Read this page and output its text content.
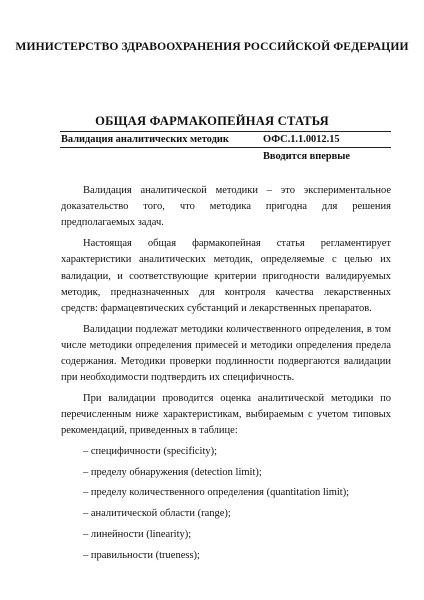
МИНИСТЕРСТВО ЗДРАВООХРАНЕНИЯ РОССИЙСКОЙ ФЕДЕРАЦИИ
ОБЩАЯ ФАРМАКОПЕЙНАЯ СТАТЬЯ
Валидация аналитических методик	ОФС.1.1.0012.15
Вводится впервые

Валидация аналитической методики – это экспериментальное доказательство того, что методика пригодна для решения предполагаемых задач.

Настоящая общая фармакопейная статья регламентирует характеристики аналитических методик, определяемые с целью их валидации, и соответствующие критерии пригодности валидируемых методик, предназначенных для контроля качества лекарственных средств: фармацевтических субстанций и лекарственных препаратов.

Валидации подлежат методики количественного определения, в том числе методики определения примесей и методики определения предела содержания. Методики проверки подлинности подвергаются валидации при необходимости подтвердить их специфичность.

При валидации проводится оценка аналитической методики по перечисленным ниже характеристикам, выбираемым с учетом типовых рекомендаций, приведенных в таблице:

– специфичности (specificity);
– пределу обнаружения (detection limit);
– пределу количественного определения (quantitation limit);
– аналитической области (range);
– линейности (linearity);
– правильности (trueness);
